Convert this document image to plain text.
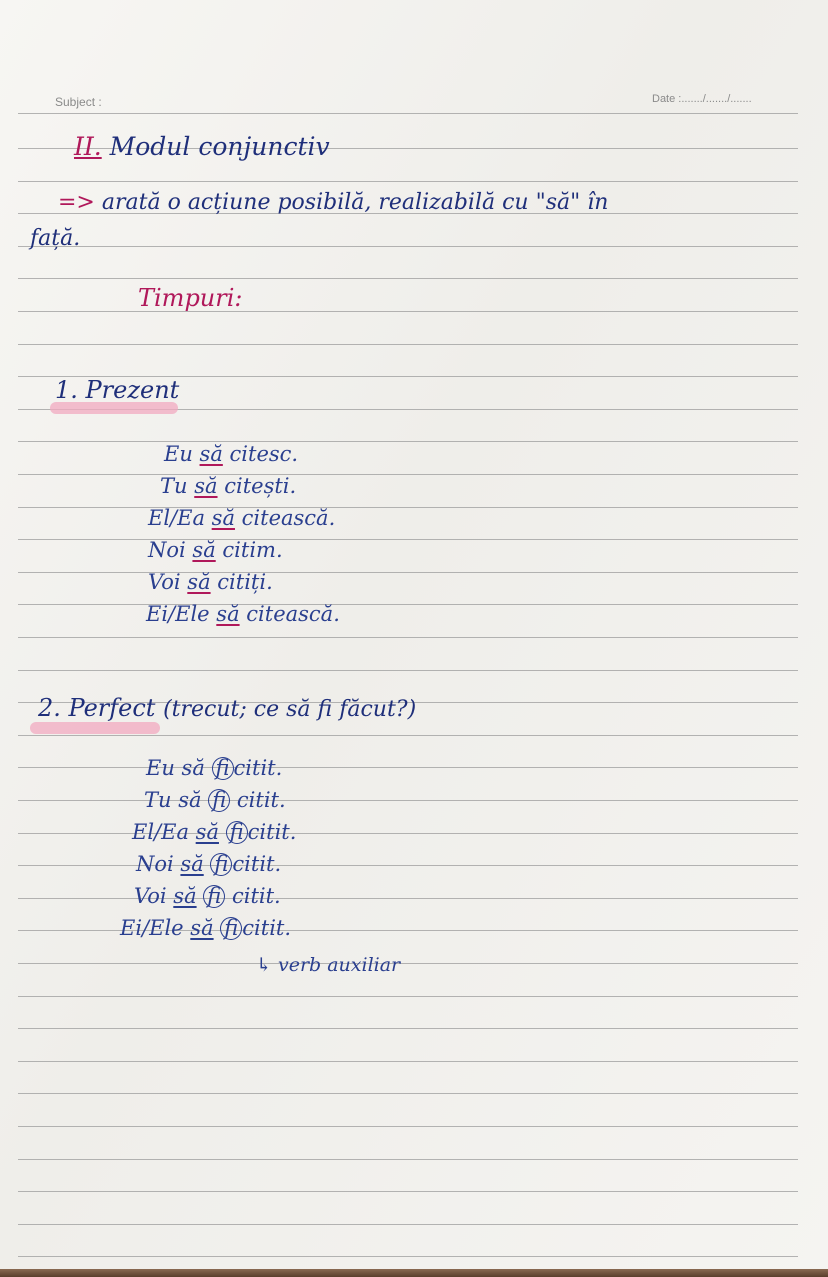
Subject :	Date :......./......./.......
II. Modul conjunctiv
=> arată o acțiune posibilă, realizabilă cu "să" în
față.
Timpuri:
1. Prezent
Eu să citesc.
Tu să citești.
El/Ea să citească.
Noi să citim.
Voi să citiți.
Ei/Ele să citească.
2. Perfect (trecut; ce să fi făcut?)
Eu să fi citit.
Tu să fi citit.
El/Ea să fi citit.
Noi să fi citit.
Voi să fi citit.
Ei/Ele să fi citit.
↳ verb auxiliar
